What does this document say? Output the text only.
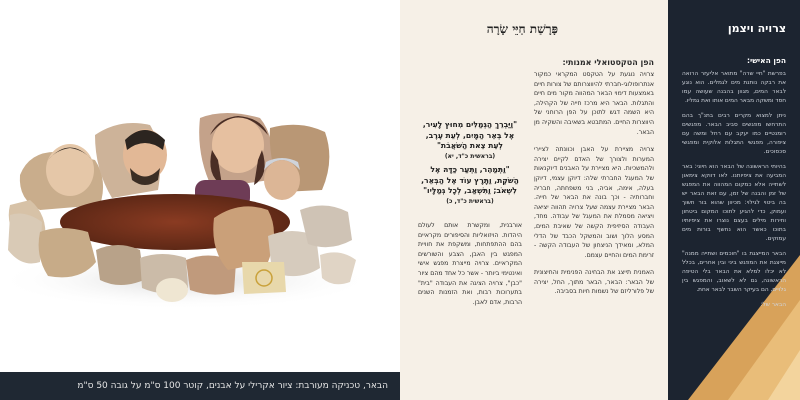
הבאר, טכניקה מעורבת: ציור אקרילי על אבנים, קוטר 100 ס"מ על גובה 50 ס"מ
פָּרָשַׁת חַיֵּי שָׂרָה
הפן הטקסטואלי אמנותי:

צרויה נוגעת על הטקסט המקראי כמקור אנתרופולוגי-חברתי להיווצרותם של צורות חיים באמצעות דימוי הבאר המהווה מקור מים חיים והתגלות. הבאר היא מרכז חייה של הקהילה, היא השמה דגש לתוכן על הפן הרוחני של היווצרות החיים. המתבטא בשאיבה והשקיה מן הבאר.

צרויה מציירת על האבן וכוונתה לציירי המערות ולצורך של האדם לקיים יצירה ולהמשכיות. היא מציירת על האבנים דיוקנאות של המעגל החברתי שלה: דיוקן עצמי, דיוקן בעלה, אימה, אביה, בני משפחתה, חבריה וחברותיה - וכך בונה את הבאר של חייה. הבאר מציירת עצמה שעל צרויה תהווה יציאה ויציאה מסמלת את המעגל של עבודה. מחד, העבודה הסיזיפית הקשה של שאיבת המים, המסע הלוך ושוב והמשקל הכבד של הדלי המלא, ומאידך הניצחון של העבודה הקשה - זרימת המים והחיים עצמם.

האמנית תייצג את הבחינה הפנימית והחיצונית של הבאר: הבאר, הבאר מתוך, החל, יצירה של פלורליזם של נשמות חיות בסביבה.

"וַיַּבְרֵךְ הַגְּמַלִּים מִחוּץ לָעִיר,
אֶל בְּאֵר הַמָּיִם, לְעֵת עֶרֶב,
לְעֵת צֵאת הַשֹּׁאֲבֹת"
(בראשית כ"ד, יא)
"וַתְּמַהֵר, וַתְּעַר כַּדָּהּ אֶל
הַשֹּׁקֶת, וַתָּרָץ עוֹד אֶל הַבְּאֵר,
לִשְׁאֹב; וַתִּשְׁאַב, לְכָל גְּמַלָּיו"
(בראשית כ"ד, כ)

אורבנית, ומקשרת אותם לעולם היהדות. הויזואליות והסיפורים מקראיים בהם ההתפתחות, ומשקפת את חוויית המפגש בין האבן, הצבע והשורשים המקראיים. צרויה מייצרת מפגש אישי ואינטימי ביותר - אשר כל אחד מהם ציור "כבן", צרויה הציגה את העבודה "בית" בתערוכות רבות, ואת הזמנות השנים הרבות, אדם לאבן.

צרויה ויצמן
הפן האישי:

בפרשת "חיי שרה" מתואר אליעזר הרואה את רבקה נותנת מים לגמלים. הוא נוגע לבאר המים, מגוון בהבנה שעושה עמו חסד ומשקה מבאר המים אותו ואת גמליו.

ניתן למצוא מקרים רבים בתנ"ך בהם התרחשו מפגשים סביב הבאר. מפגשים רומנטיים כמו יעקב עם רחל ומשה עם ציפורה, מפגשי התגלות אלוקית ומפגשי סכסוכים.

בהיותי הראשונה של הבאר הוא חיוני: באר המביעה את ציפיותנו. לאו דווקא צימאון לשתייה אלא כמקום המהווה את המפגש של זמן והבנה של זמן, עם זאת הבאר יש בה ביטוי לגילוי: מכיוון שהוא בור חשוך ועמוק, כדי להגיע לתוכו המקום ביטחון וחירות מילים בעצם נוצרו את ציפיותיו בתוכו כאשר הוא נחשף בורות מים עמוקים.

הבאר המייצגת בו "חוכמים ושתייה ממנה" מייצגת את המפגש ביני ובין אחרים, בכלל לא יכלו למלא את הבאר בלי הטיפה הראשונה, גם לא לשאוב, והמפגש בין גלויים, הם בעיקר השבר לבאר אחת.

הבאר של:
